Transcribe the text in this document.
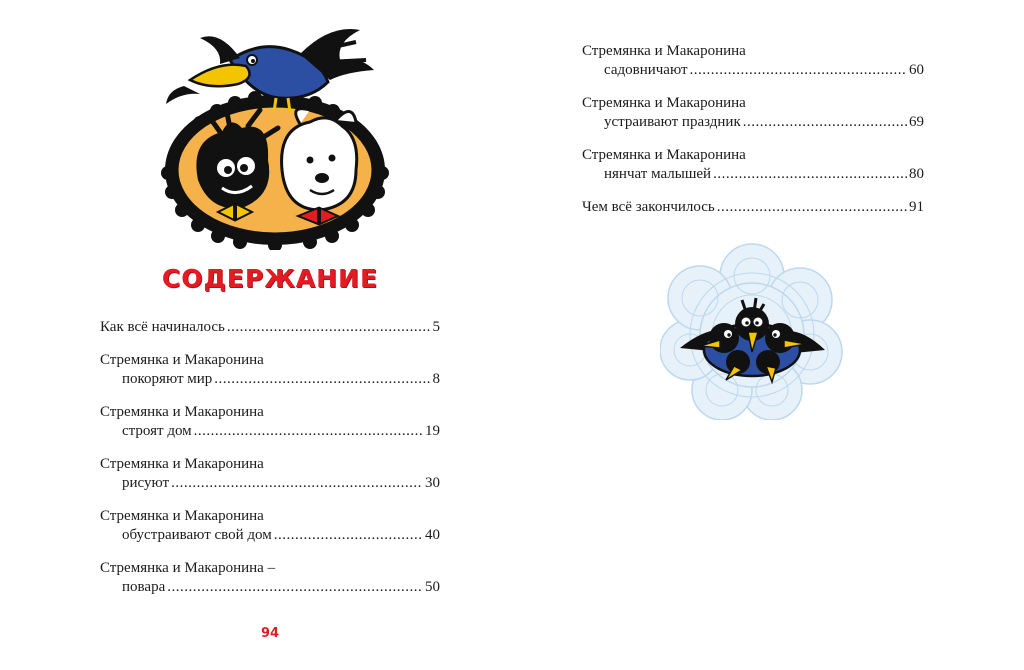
СОДЕРЖАНИЕ
Как всё начиналось .....	5
Стремянка и Макаронина
покоряют мир .....	8
Стремянка и Макаронина
строят дом .....	19
Стремянка и Макаронина
рисуют .....	30
Стремянка и Макаронина
обустраивают свой дом .....	40
Стремянка и Макаронина –
повара .....	50
94
Стремянка и Макаронина
садовничают .....	60
Стремянка и Макаронина
устраивают праздник .....	69
Стремянка и Макаронина
нянчат малышей .....	80
Чем всё закончилось .....	91
